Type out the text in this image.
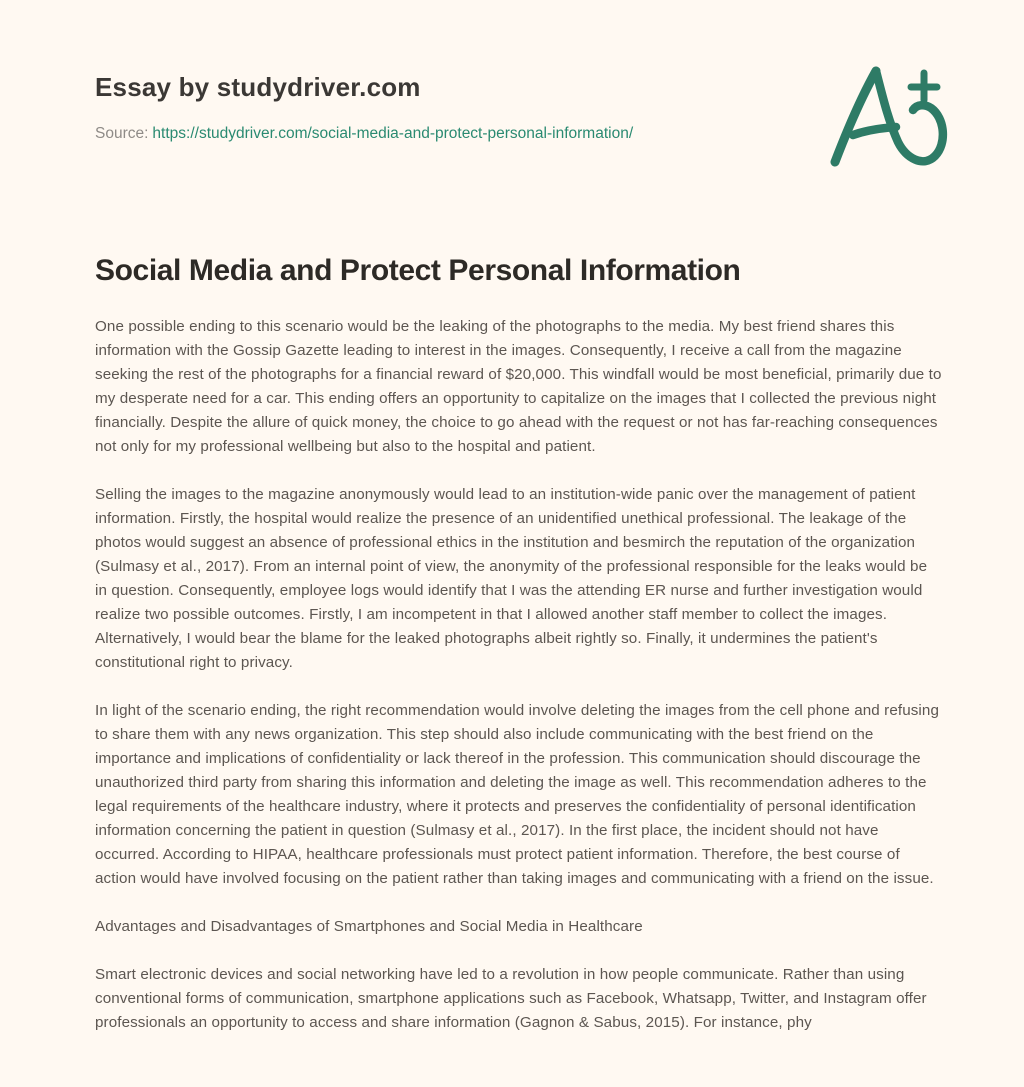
Essay by studydriver.com
Source: https://studydriver.com/social-media-and-protect-personal-information/
Social Media and Protect Personal Information

One possible ending to this scenario would be the leaking of the photographs to the media. My best friend shares this information with the Gossip Gazette leading to interest in the images. Consequently, I receive a call from the magazine seeking the rest of the photographs for a financial reward of $20,000. This windfall would be most beneficial, primarily due to my desperate need for a car. This ending offers an opportunity to capitalize on the images that I collected the previous night financially. Despite the allure of quick money, the choice to go ahead with the request or not has far-reaching consequences not only for my professional wellbeing but also to the hospital and patient.

Selling the images to the magazine anonymously would lead to an institution-wide panic over the management of patient information. Firstly, the hospital would realize the presence of an unidentified unethical professional. The leakage of the photos would suggest an absence of professional ethics in the institution and besmirch the reputation of the organization (Sulmasy et al., 2017). From an internal point of view, the anonymity of the professional responsible for the leaks would be in question. Consequently, employee logs would identify that I was the attending ER nurse and further investigation would realize two possible outcomes. Firstly, I am incompetent in that I allowed another staff member to collect the images. Alternatively, I would bear the blame for the leaked photographs albeit rightly so. Finally, it undermines the patient's constitutional right to privacy.

In light of the scenario ending, the right recommendation would involve deleting the images from the cell phone and refusing to share them with any news organization. This step should also include communicating with the best friend on the importance and implications of confidentiality or lack thereof in the profession. This communication should discourage the unauthorized third party from sharing this information and deleting the image as well. This recommendation adheres to the legal requirements of the healthcare industry, where it protects and preserves the confidentiality of personal identification information concerning the patient in question (Sulmasy et al., 2017). In the first place, the incident should not have occurred. According to HIPAA, healthcare professionals must protect patient information. Therefore, the best course of action would have involved focusing on the patient rather than taking images and communicating with a friend on the issue.

Advantages and Disadvantages of Smartphones and Social Media in Healthcare

Smart electronic devices and social networking have led to a revolution in how people communicate. Rather than using conventional forms of communication, smartphone applications such as Facebook, Whatsapp, Twitter, and Instagram offer professionals an opportunity to access and share information (Gagnon & Sabus, 2015). For instance, phy
